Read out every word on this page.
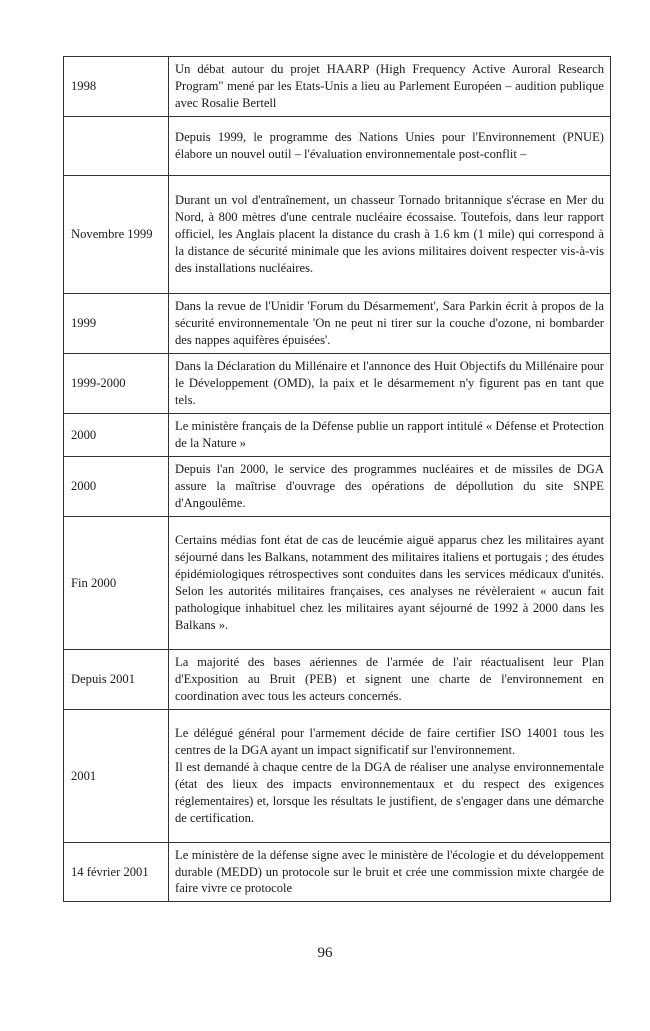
1998	Un débat autour du projet HAARP (High Frequency Active Auroral Research Program" mené par les Etats-Unis a lieu au Parlement Européen – audition publique avec Rosalie Bertell

	Depuis 1999, le programme des Nations Unies pour l'Environnement (PNUE) élabore un nouvel outil – l'évaluation environnementale post-conflit –

Novembre 1999	Durant un vol d'entraînement, un chasseur Tornado britannique s'écrase en Mer du Nord, à 800 mètres d'une centrale nucléaire écossaise. Toutefois, dans leur rapport officiel, les Anglais placent la distance du crash à 1.6 km (1 mile) qui correspond à la distance de sécurité minimale que les avions militaires doivent respecter vis-à-vis des installations nucléaires.

1999	Dans la revue de l'Unidir 'Forum du Désarmement', Sara Parkin écrit à propos de la sécurité environnementale 'On ne peut ni tirer sur la couche d'ozone, ni bombarder des nappes aquifères épuisées'.

1999-2000	Dans la Déclaration du Millénaire et l'annonce des Huit Objectifs du Millénaire pour le Développement (OMD), la paix et le désarmement n'y figurent pas en tant que tels.

2000	Le ministère français de la Défense publie un rapport intitulé « Défense et Protection de la Nature »

2000	Depuis l'an 2000, le service des programmes nucléaires et de missiles de DGA assure la maîtrise d'ouvrage des opérations de dépollution du site SNPE d'Angoulême.

Fin 2000	Certains médias font état de cas de leucémie aiguë apparus chez les militaires ayant séjourné dans les Balkans, notamment des militaires italiens et portugais ; des études épidémiologiques rétrospectives sont conduites dans les services médicaux d'unités. Selon les autorités militaires françaises, ces analyses ne révèleraient « aucun fait pathologique inhabituel chez les militaires ayant séjourné de 1992 à 2000 dans les Balkans ».

Depuis 2001	La majorité des bases aériennes de l'armée de l'air réactualisent leur Plan d'Exposition au Bruit (PEB) et signent une charte de l'environnement en coordination avec tous les acteurs concernés.

2001	Le délégué général pour l'armement décide de faire certifier ISO 14001 tous les centres de la DGA ayant un impact significatif sur l'environnement.
Il est demandé à chaque centre de la DGA de réaliser une analyse environnementale (état des lieux des impacts environnementaux et du respect des exigences réglementaires) et, lorsque les résultats le justifient, de s'engager dans une démarche de certification.

14 février 2001	Le ministère de la défense signe avec le ministère de l'écologie et du développement durable (MEDD) un protocole sur le bruit et crée une commission mixte chargée de faire vivre ce protocole
96
